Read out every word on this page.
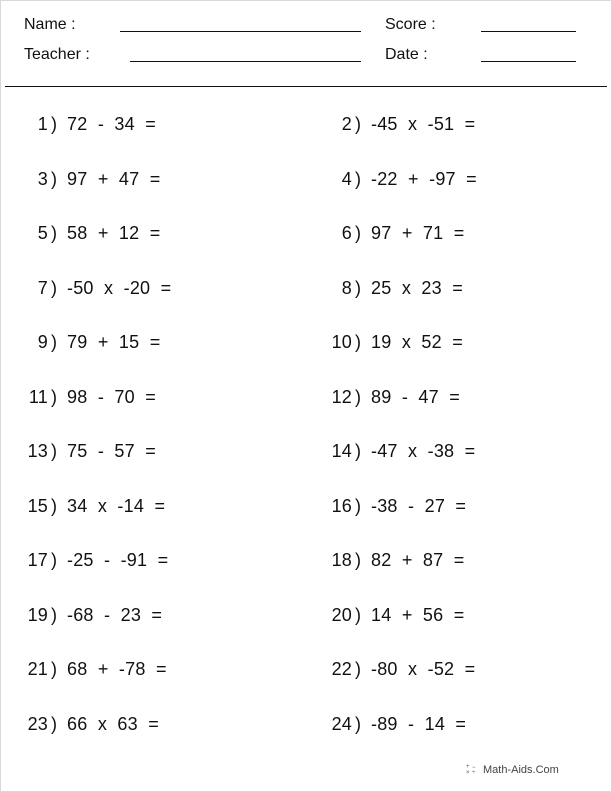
Name :
Teacher :
Score :
Date :
1 ) 72  -  34  =	2 ) -45  x  -51  =
3 ) 97  +  47  =	4 ) -22  +  -97  =
5 ) 58  +  12  =	6 ) 97  +  71  =
7 ) -50  x  -20  =	8 ) 25  x  23  =
9 ) 79  +  15  =	10 ) 19  x  52  =
11 ) 98  -  70  =	12 ) 89  -  47  =
13 ) 75  -  57  =	14 ) -47  x  -38  =
15 ) 34  x  -14  =	16 ) -38  -  27  =
17 ) -25  -  -91  =	18 ) 82  +  87  =
19 ) -68  -  23  =	20 ) 14  +  56  =
21 ) 68  +  -78  =	22 ) -80  x  -52  =
23 ) 66  x  63  =	24 ) -89  -  14  =
+ −
× ÷ Math-Aids.Com
